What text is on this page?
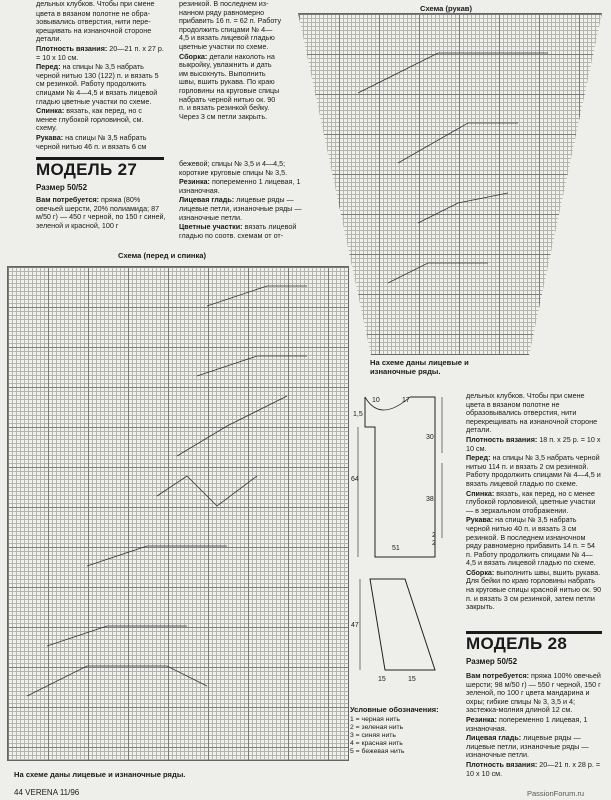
дельных клубков. Чтобы при смене

цвета в вязаном полотне не обра-

зовывались отверстия, нити пере-

крещивать на изнаночной стороне

детали.

Плотность вязания: 20—21 п. х 27 р. = 10 х 10 см.

Перед: на спицы № 3,5 набрать черной нитью 130 (122) п. и вязать 5 см резинкой. Работу продолжить спицами № 4—4,5 и вязать лицевой гладью цветные участки по схеме.

Спинка: вязать, как перед, но с менее глубокой горловиной, см. схему.

Рукава: на спицы № 3,5 набрать черной нитью 46 п. и вязать 6 см

резинкой. В последнем из- нанном ряду равномерно прибавить 16 п. = 62 п. Работу продолжить спицами № 4—4,5 и вязать лицевой гладью цветные участки по схеме.

Сборка: детали наколоть на выкройку, увлажнить и дать им высохнуть. Выполнить швы, вшить рукава. По краю горловины на круговые спицы набрать черной нитью ок. 90 п. и вязать резинкой бейку. Через 3 см петли закрыть.

Схема (рукав)
На схеме даны лицевые и изнаночные ряды.
МОДЕЛЬ 27
Размер 50/52

Вам потребуется: пряжа (80% овечьей шерсти, 20% полиамида; 87 м/50 г) — 450 г черной, по 150 г синей, зеленой и красной, 100 г

бежевой; спицы № 3,5 и 4—4,5; короткие круговые спицы № 3,5.

Резинка: попеременно 1 лицевая, 1 изнаночная.

Лицевая гладь: лицевые ряды — лицевые петли, изнаночные ряды — изнаночные петли.

Цветные участки: вязать лицевой гладью по соотв. схемам от от-

Схема (перед и спинка)
На схеме даны лицевые и изнаночные ряды.
10	17
64
30
38
2
51
2
1,5
47
15	15
Условные обозначения:
1 = черная нить
2 = зеленая нить
3 = синяя нить
4 = красная нить
5 = бежевая нить

дельных клубков. Чтобы при смене цвета в вязаном полотне не образовывались отверстия, нити перекрещивать на изнаночной стороне детали.

Плотность вязания: 18 п. х 25 р. = 10 х 10 см.

Перед: на спицы № 3,5 набрать черной нитью 114 п. и вязать 2 см резинкой. Работу продолжить спицами № 4—4,5 и вязать лицевой гладью по схеме.

Спинка: вязать, как перед, но с менее глубокой горловиной, цветные участки — в зеркальном отображении.

Рукава: на спицы № 3,5 набрать черной нитью 40 п. и вязать 3 см резинкой. В последнем изнаночном ряду равномерно прибавить 14 п. = 54 п. Работу продолжить спицами № 4—4,5 и вязать лицевой гладью по схеме.

Сборка: выполнить швы, вшить рукава. Для бейки по краю горловины набрать на круговые спицы красной нитью ок. 90 п. и вязать 3 см резинкой, затем петли закрыть.

МОДЕЛЬ 28
Размер 50/52

Вам потребуется: пряжа 100% овечьей шерсти; 98 м/50 г) — 550 г черной, 150 г зеленой, по 100 г цвета мандарина и охры; гибкие спицы № 3, 3,5 и 4; застежка-молния длиной 12 см.

Резинка: попеременно 1 лицевая, 1 изнаночная.

Лицевая гладь: лицевые ряды — лицевые петли, изнаночные ряды — изнаночные петли.

Плотность вязания: 20—21 п. х 28 р. = 10 х 10 см.

44 VERENA 11/96	PassionForum.ru
